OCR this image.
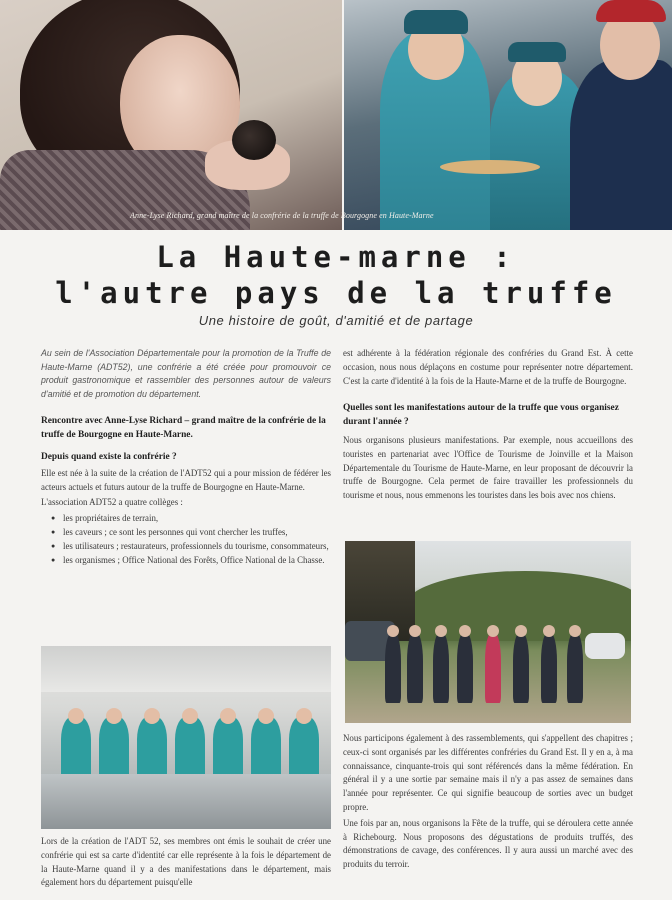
Anne-Lyse Richard, grand maître de la confrérie de la truffe de Bourgogne en Haute-Marne
La Haute-marne :
l'autre pays de la truffe
Une histoire de goût, d'amitié et de partage

Au sein de l'Association Départementale pour la promotion de la Truffe de Haute-Marne (ADT52), une confrérie a été créée pour promouvoir ce produit gastronomique et rassembler des personnes autour de valeurs d'amitié et de promotion du département.

Rencontre avec Anne-Lyse Richard – grand maître de la confrérie de la truffe de Bourgogne en Haute-Marne.

Depuis quand existe la confrérie ?

Elle est née à la suite de la création de l'ADT52 qui a pour mission de fédérer les acteurs actuels et futurs autour de la truffe de Bourgogne en Haute-Marne.

L'association ADT52 a quatre collèges :

● les propriétaires de terrain,
● les caveurs ; ce sont les personnes qui vont chercher les truffes,
● les utilisateurs ; restaurateurs, professionnels du tourisme, consommateurs,
● les organismes ; Office National des Forêts, Office National de la Chasse.
Lors de la création de l'ADT 52, ses membres ont émis le souhait de créer une confrérie qui est sa carte d'identité car elle représente à la fois le département de la Haute-Marne quand il y a des manifestations dans le département, mais également hors du département puisqu'elle

est adhérente à la fédération régionale des confréries du Grand Est. À cette occasion, nous nous déplaçons en costume pour représenter notre département. C'est la carte d'identité à la fois de la Haute-Marne et de la truffe de Bourgogne.

Quelles sont les manifestations autour de la truffe que vous organisez durant l'année ?

Nous organisons plusieurs manifestations. Par exemple, nous accueillons des touristes en partenariat avec l'Office de Tourisme de Joinville et la Maison Départementale du Tourisme de Haute-Marne, en leur proposant de découvrir la truffe de Bourgogne. Cela permet de faire travailler les professionnels du tourisme et nous, nous emmenons les touristes dans les bois avec nos chiens.

Nous participons également à des rassemblements, qui s'appellent des chapitres ; ceux-ci sont organisés par les différentes confréries du Grand Est. Il y en a, à ma connaissance, cinquante-trois qui sont référencés dans la même fédération. En général il y a une sortie par semaine mais il n'y a pas assez de semaines dans l'année pour représenter. Ce qui signifie beaucoup de sorties avec un budget propre.

Une fois par an, nous organisons la Fête de la truffe, qui se déroulera cette année à Richebourg. Nous proposons des dégustations de produits truffés, des démonstrations de cavage, des conférences. Il y aura aussi un marché avec des produits du terroir.
